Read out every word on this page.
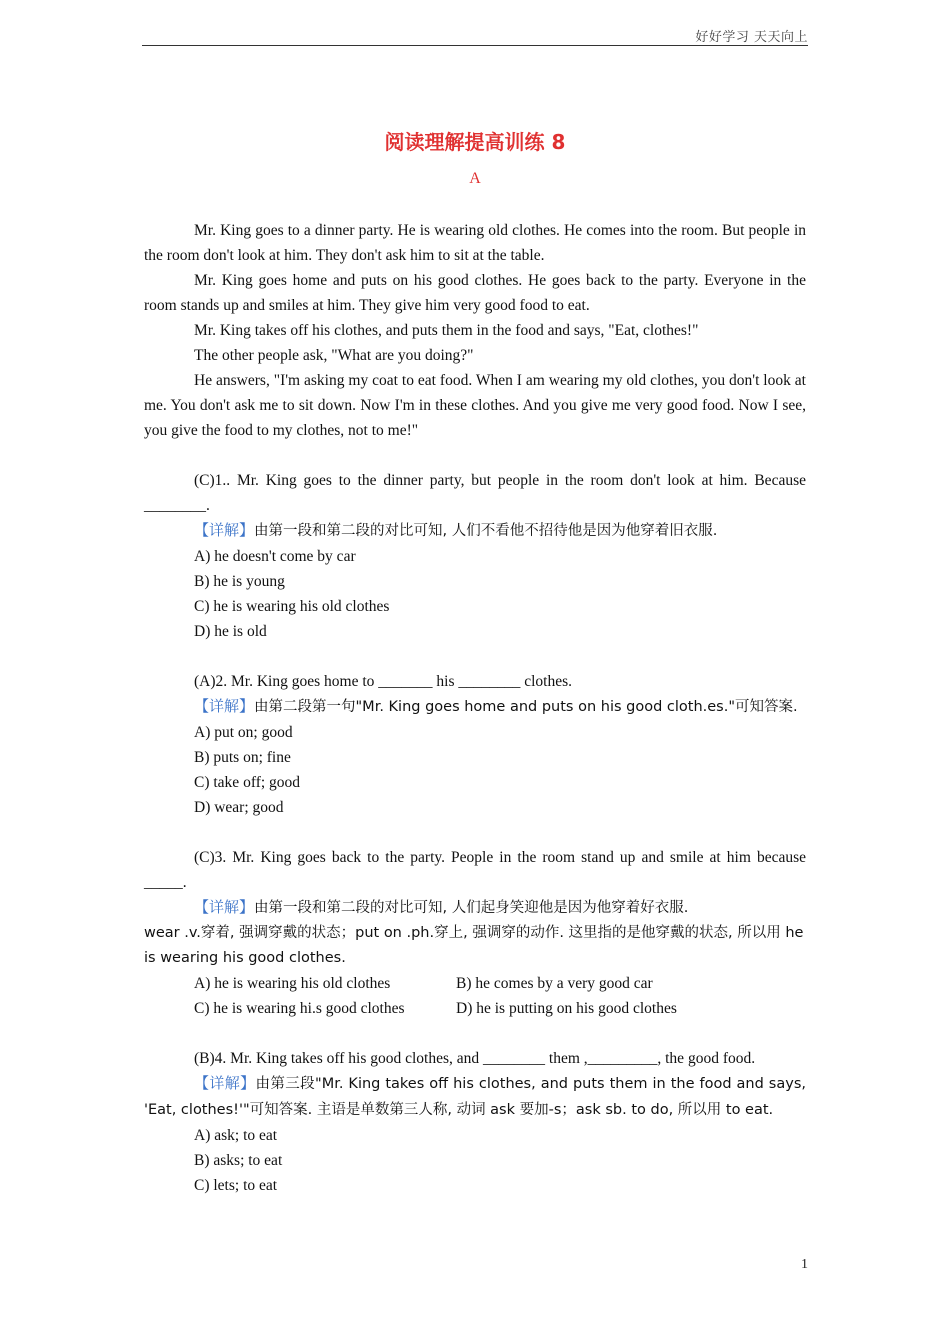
好好学习 天天向上
阅读理解提高训练 8
A

Mr. King goes to a dinner party. He is wearing old clothes. He comes into the room. But people in the room don't look at him. They don't ask him to sit at the table.

Mr. King goes home and puts on his good clothes. He goes back to the party. Everyone in the room stands up and smiles at him. They give him very good food to eat.

Mr. King takes off his clothes, and puts them in the food and says, "Eat, clothes!"

The other people ask, "What are you doing?"

He answers, "I'm asking my coat to eat food. When I am wearing my old clothes, you don't look at me. You don't ask me to sit down. Now I'm in these clothes. And you give me very good food. Now I see, you give the food to my clothes, not to me!"

(C)1.. Mr. King goes to the dinner party, but people in the room don't look at him. Because ________.

【详解】由第一段和第二段的对比可知, 人们不看他不招待他是因为他穿着旧衣服.

A) he doesn't come by car

B) he is young

C) he is wearing his old clothes

D) he is old

(A)2. Mr. King goes home to _______ his ________ clothes.

【详解】由第二段第一句"Mr. King goes home and puts on his good cloth.es."可知答案.

A) put on; good

B) puts on; fine

C) take off; good

D) wear; good

(C)3. Mr. King goes back to the party. People in the room stand up and smile at him because _____.

【详解】由第一段和第二段的对比可知, 人们起身笑迎他是因为他穿着好衣服.

wear .v.穿着, 强调穿戴的状态；put on .ph.穿上, 强调穿的动作. 这里指的是他穿戴的状态, 所以用 he is wearing his good clothes.

A) he is wearing his old clothes	B) he comes by a very good car
C) he is wearing hi.s good clothes	D) he is putting on his good clothes

(B)4. Mr. King takes off his good clothes, and ________ them ,_________, the good food.

【详解】由第三段"Mr. King takes off his clothes, and puts them in the food and says, 'Eat, clothes!'"可知答案. 主语是单数第三人称, 动词 ask 要加-s；ask sb. to do, 所以用 to eat.

A) ask; to eat

B) asks; to eat

C) lets; to eat

1
